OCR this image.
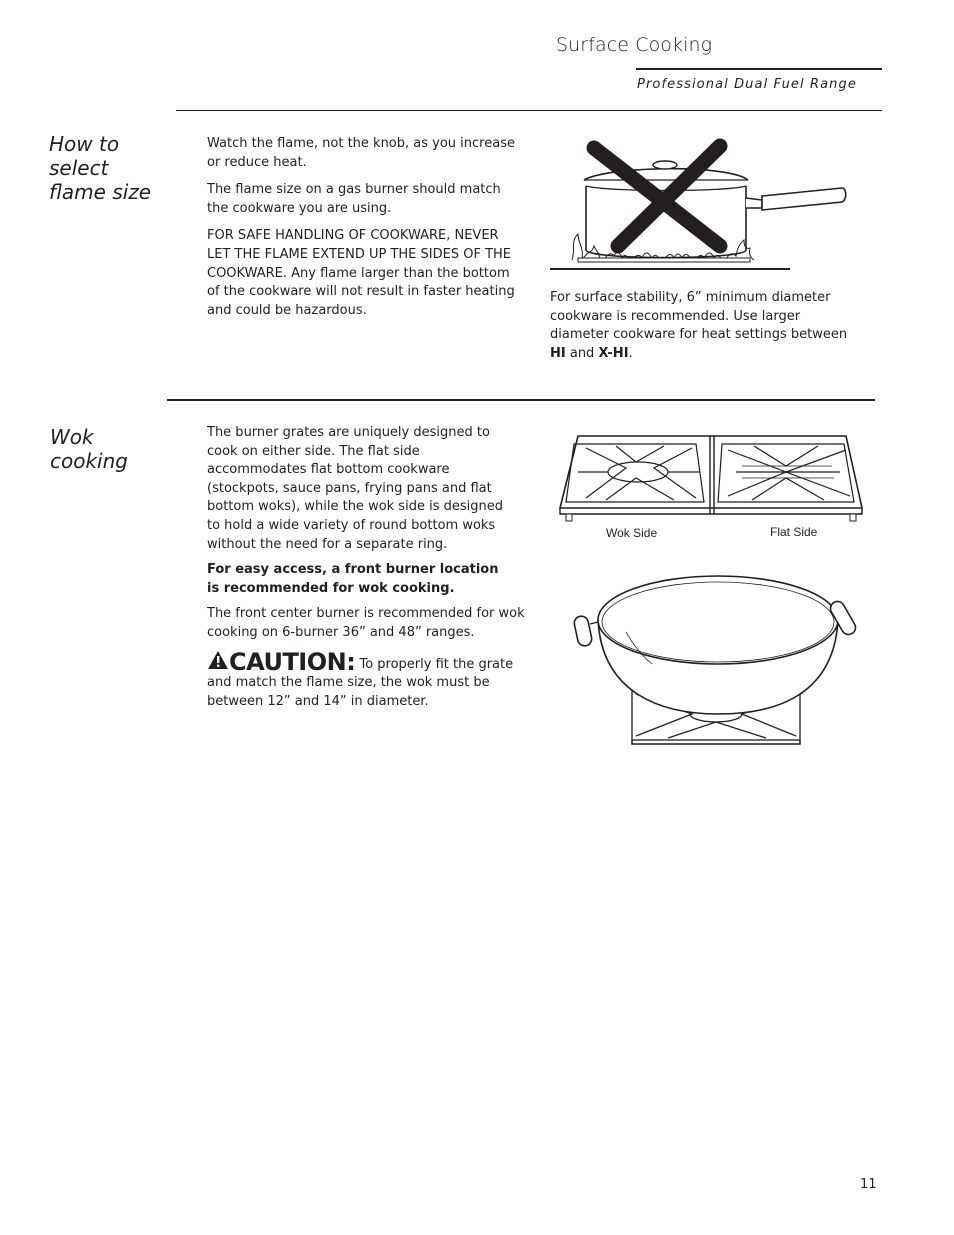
Surface Cooking
Professional Dual Fuel Range
How to select flame size

Watch the flame, not the knob, as you increase or reduce heat.

The flame size on a gas burner should match the cookware you are using.

FOR SAFE HANDLING OF COOKWARE, NEVER LET THE FLAME EXTEND UP THE SIDES OF THE COOKWARE. Any flame larger than the bottom of the cookware will not result in faster heating and could be hazardous.

For surface stability, 6” minimum diameter cookware is recommended. Use larger diameter cookware for heat settings between HI and X-HI.
Wok cooking

The burner grates are uniquely designed to cook on either side. The flat side accommodates flat bottom cookware (stockpots, sauce pans, frying pans and flat bottom woks), while the wok side is designed to hold a wide variety of round bottom woks without the need for a separate ring.

For easy access, a front burner location is recommended for wok cooking.

The front center burner is recommended for wok cooking on 6-burner 36” and 48” ranges.

CAUTION: To properly fit the grate and match the flame size, the wok must be between 12” and 14” in diameter.

Wok Side	Flat Side
11
